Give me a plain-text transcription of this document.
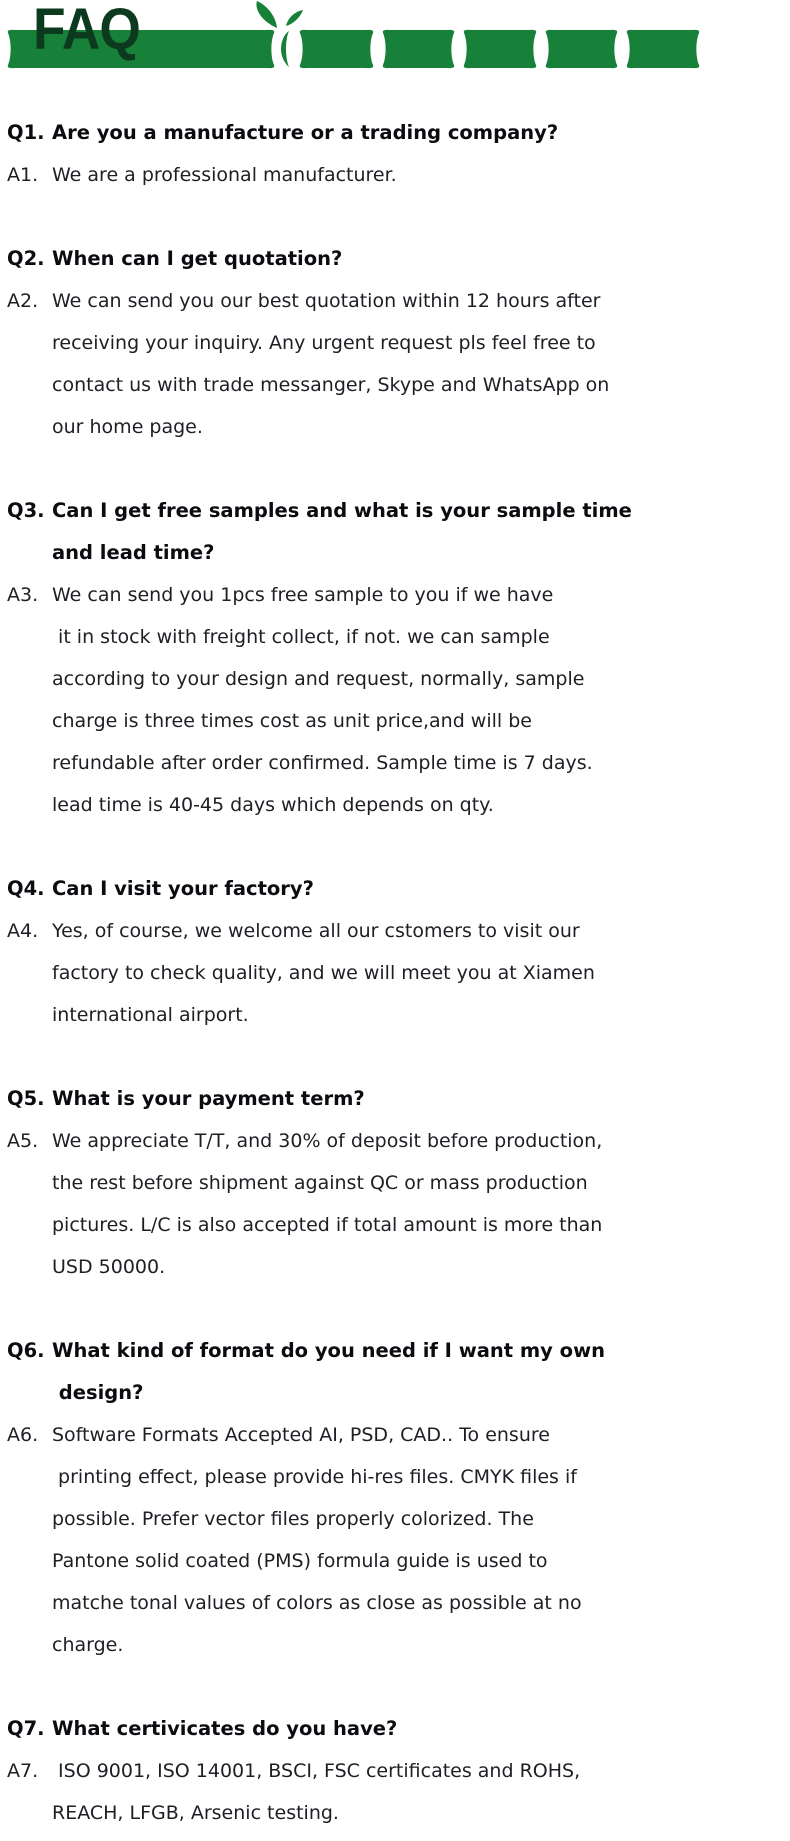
FAQ
Q1. Are you a manufacture or a trading company?
A1. We are a professional manufacturer.
Q2. When can I get quotation?
A2. We can send you our best quotation within 12 hours after
receiving your inquiry. Any urgent request pls feel free to
contact us with trade messanger, Skype and WhatsApp on
our home page.
Q3. Can I get free samples and what is your sample time
and lead time?
A3. We can send you 1pcs free sample to you if we have
it in stock with freight collect, if not. we can sample
according to your design and request, normally, sample
charge is three times cost as unit price,and will be
refundable after order confirmed. Sample time is 7 days.
lead time is 40-45 days which depends on qty.
Q4. Can I visit your factory?
A4. Yes, of course, we welcome all our cstomers to visit our
factory to check quality, and we will meet you at Xiamen
international airport.
Q5. What is your payment term?
A5. We appreciate T/T, and 30% of deposit before production,
the rest before shipment against QC or mass production
pictures. L/C is also accepted if total amount is more than
USD 50000.
Q6. What kind of format do you need if I want my own
design?
A6. Software Formats Accepted AI, PSD, CAD.. To ensure
printing effect, please provide hi-res files. CMYK files if
possible. Prefer vector files properly colorized. The
Pantone solid coated (PMS) formula guide is used to
matche tonal values of colors as close as possible at no
charge.
Q7. What certivicates do you have?
A7. ISO 9001, ISO 14001, BSCI, FSC certificates and ROHS,
REACH, LFGB, Arsenic testing.
